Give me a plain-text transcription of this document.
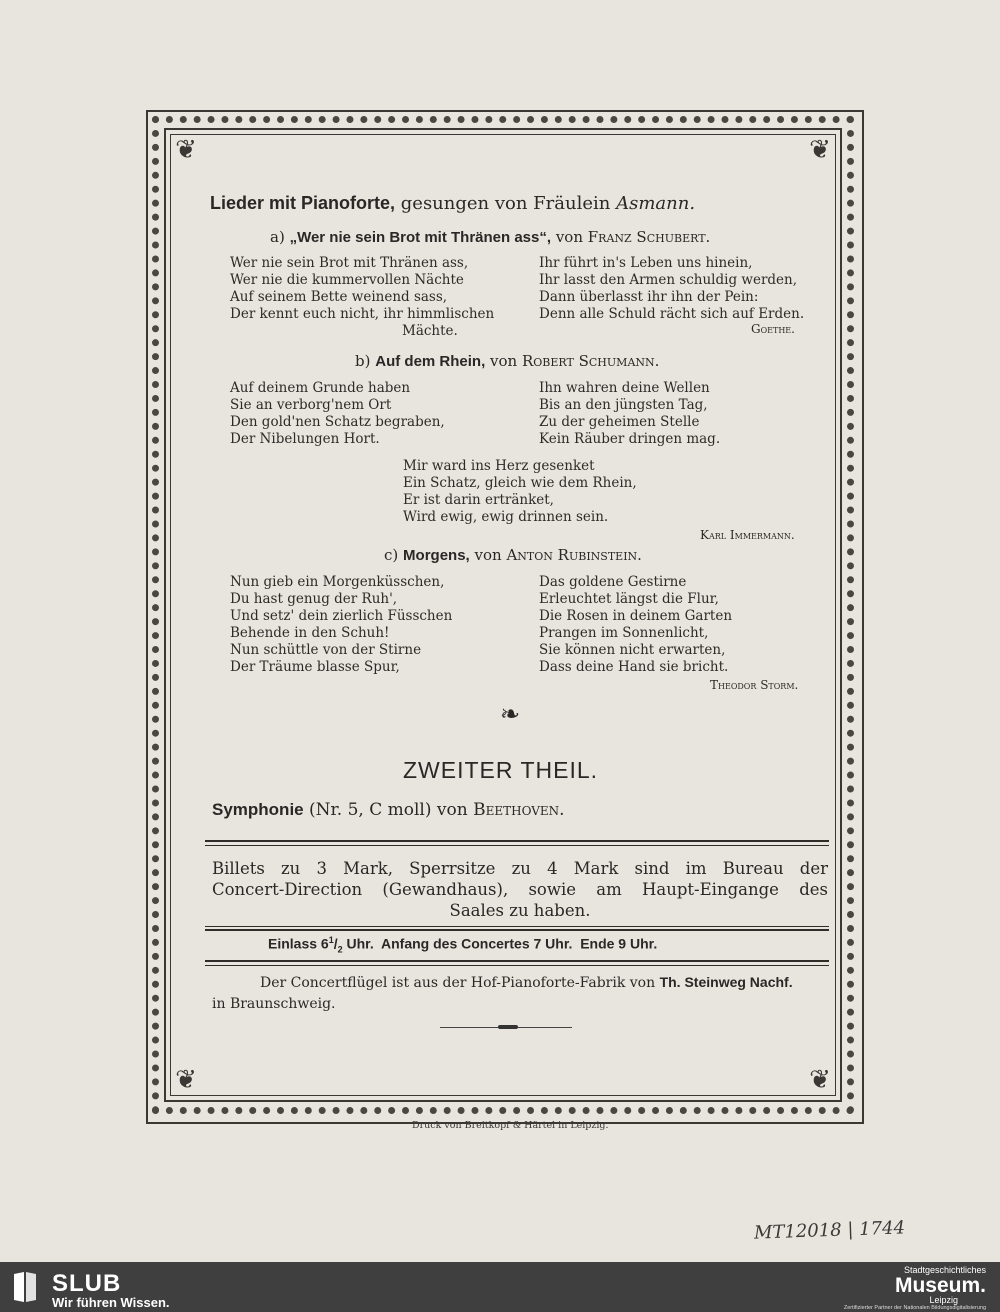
❦	❦
❦	❦
Lieder mit Pianoforte, gesungen von Fräulein Asmann.
a) „Wer nie sein Brot mit Thränen ass“, von Franz Schubert.
Wer nie sein Brot mit Thränen ass,
Wer nie die kummervollen Nächte
Auf seinem Bette weinend sass,
Der kennt euch nicht, ihr himmlischen
Mächte.
Ihr führt in's Leben uns hinein,
Ihr lasst den Armen schuldig werden,
Dann überlasst ihr ihn der Pein:
Denn alle Schuld rächt sich auf Erden.
Goethe.
b) Auf dem Rhein, von Robert Schumann.
Auf deinem Grunde haben
Sie an verborg'nem Ort
Den gold'nen Schatz begraben,
Der Nibelungen Hort.
Ihn wahren deine Wellen
Bis an den jüngsten Tag,
Zu der geheimen Stelle
Kein Räuber dringen mag.
Mir ward ins Herz gesenket
Ein Schatz, gleich wie dem Rhein,
Er ist darin ertränket,
Wird ewig, ewig drinnen sein.
Karl Immermann.
c) Morgens, von Anton Rubinstein.
Nun gieb ein Morgenküsschen,
Du hast genug der Ruh',
Und setz' dein zierlich Füsschen
Behende in den Schuh!
Nun schüttle von der Stirne
Der Träume blasse Spur,
Das goldene Gestirne
Erleuchtet längst die Flur,
Die Rosen in deinem Garten
Prangen im Sonnenlicht,
Sie können nicht erwarten,
Dass deine Hand sie bricht.
Theodor Storm.
❧
ZWEITER THEIL.
Symphonie (Nr. 5, C moll) von Beethoven.
Billets zu 3 Mark, Sperrsitze zu 4 Mark sind im Bureau der
Concert-Direction (Gewandhaus), sowie am Haupt-Eingange des
Saales zu haben.
Einlass $6^1/_2$ Uhr. Anfang des Concertes 7 Uhr. Ende 9 Uhr.
Der Concertflügel ist aus der Hof-Pianoforte-Fabrik von Th. Steinweg Nachf.
in Braunschweig.
Druck von Breitkopf & Härtel in Leipzig.
MT12018 | 1744
SLUB
Wir führen Wissen.
Stadtgeschichtliches
Museum.
Leipzig
Zertifizierter Partner der Nationalen Bildungsdigitalisierung
